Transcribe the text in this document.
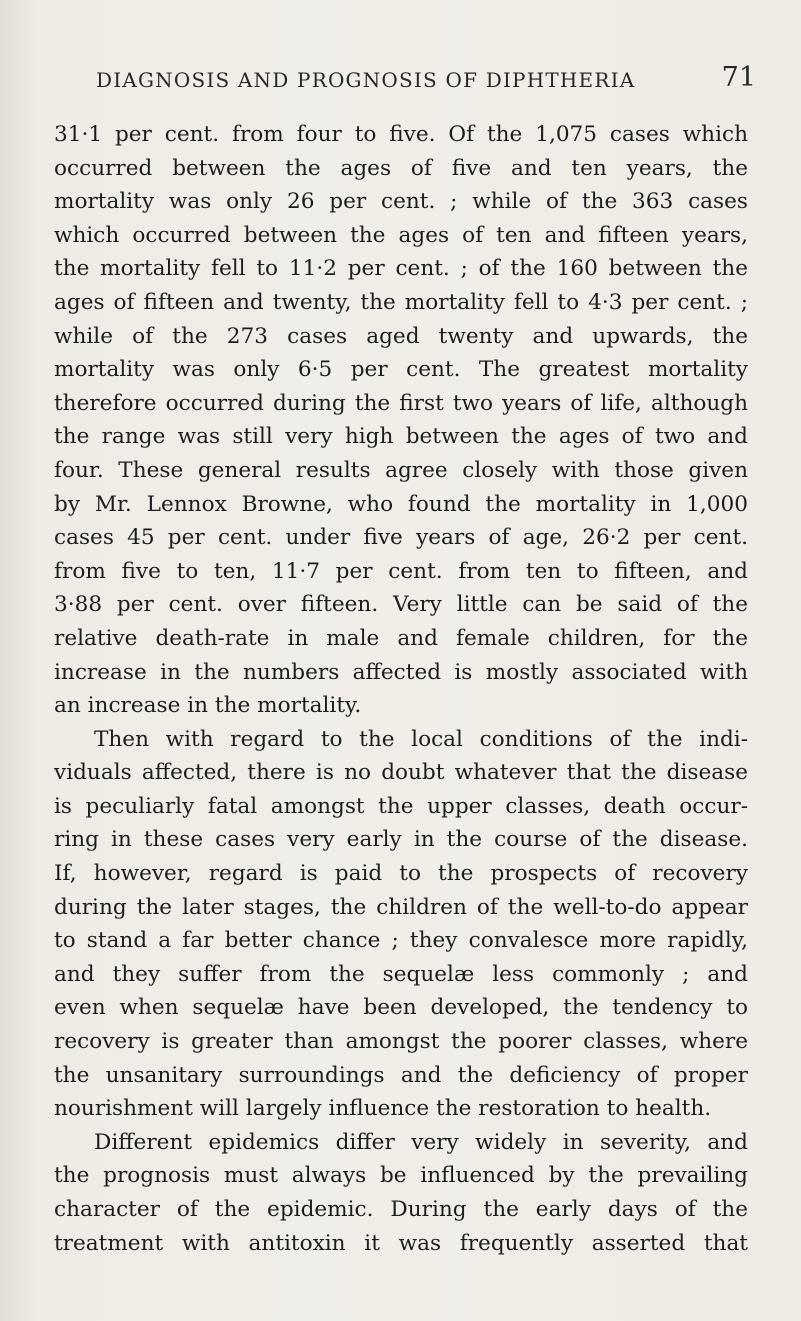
DIAGNOSIS AND PROGNOSIS OF DIPHTHERIA	71
31·1 per cent. from four to five. Of the 1,075 cases which
occurred between the ages of five and ten years, the
mortality was only 26 per cent. ; while of the 363 cases
which occurred between the ages of ten and fifteen years,
the mortality fell to 11·2 per cent. ; of the 160 between the
ages of fifteen and twenty, the mortality fell to 4·3 per cent. ;
while of the 273 cases aged twenty and upwards, the
mortality was only 6·5 per cent. The greatest mortality
therefore occurred during the first two years of life, although
the range was still very high between the ages of two and
four. These general results agree closely with those given
by Mr. Lennox Browne, who found the mortality in 1,000
cases 45 per cent. under five years of age, 26·2 per cent.
from five to ten, 11·7 per cent. from ten to fifteen, and
3·88 per cent. over fifteen. Very little can be said of the
relative death-rate in male and female children, for the
increase in the numbers affected is mostly associated with
an increase in the mortality.
Then with regard to the local conditions of the indi-
viduals affected, there is no doubt whatever that the disease
is peculiarly fatal amongst the upper classes, death occur-
ring in these cases very early in the course of the disease.
If, however, regard is paid to the prospects of recovery
during the later stages, the children of the well-to-do appear
to stand a far better chance ; they convalesce more rapidly,
and they suffer from the sequelæ less commonly ; and
even when sequelæ have been developed, the tendency to
recovery is greater than amongst the poorer classes, where
the unsanitary surroundings and the deficiency of proper
nourishment will largely influence the restoration to health.
Different epidemics differ very widely in severity, and
the prognosis must always be influenced by the prevailing
character of the epidemic. During the early days of the
treatment with antitoxin it was frequently asserted that
